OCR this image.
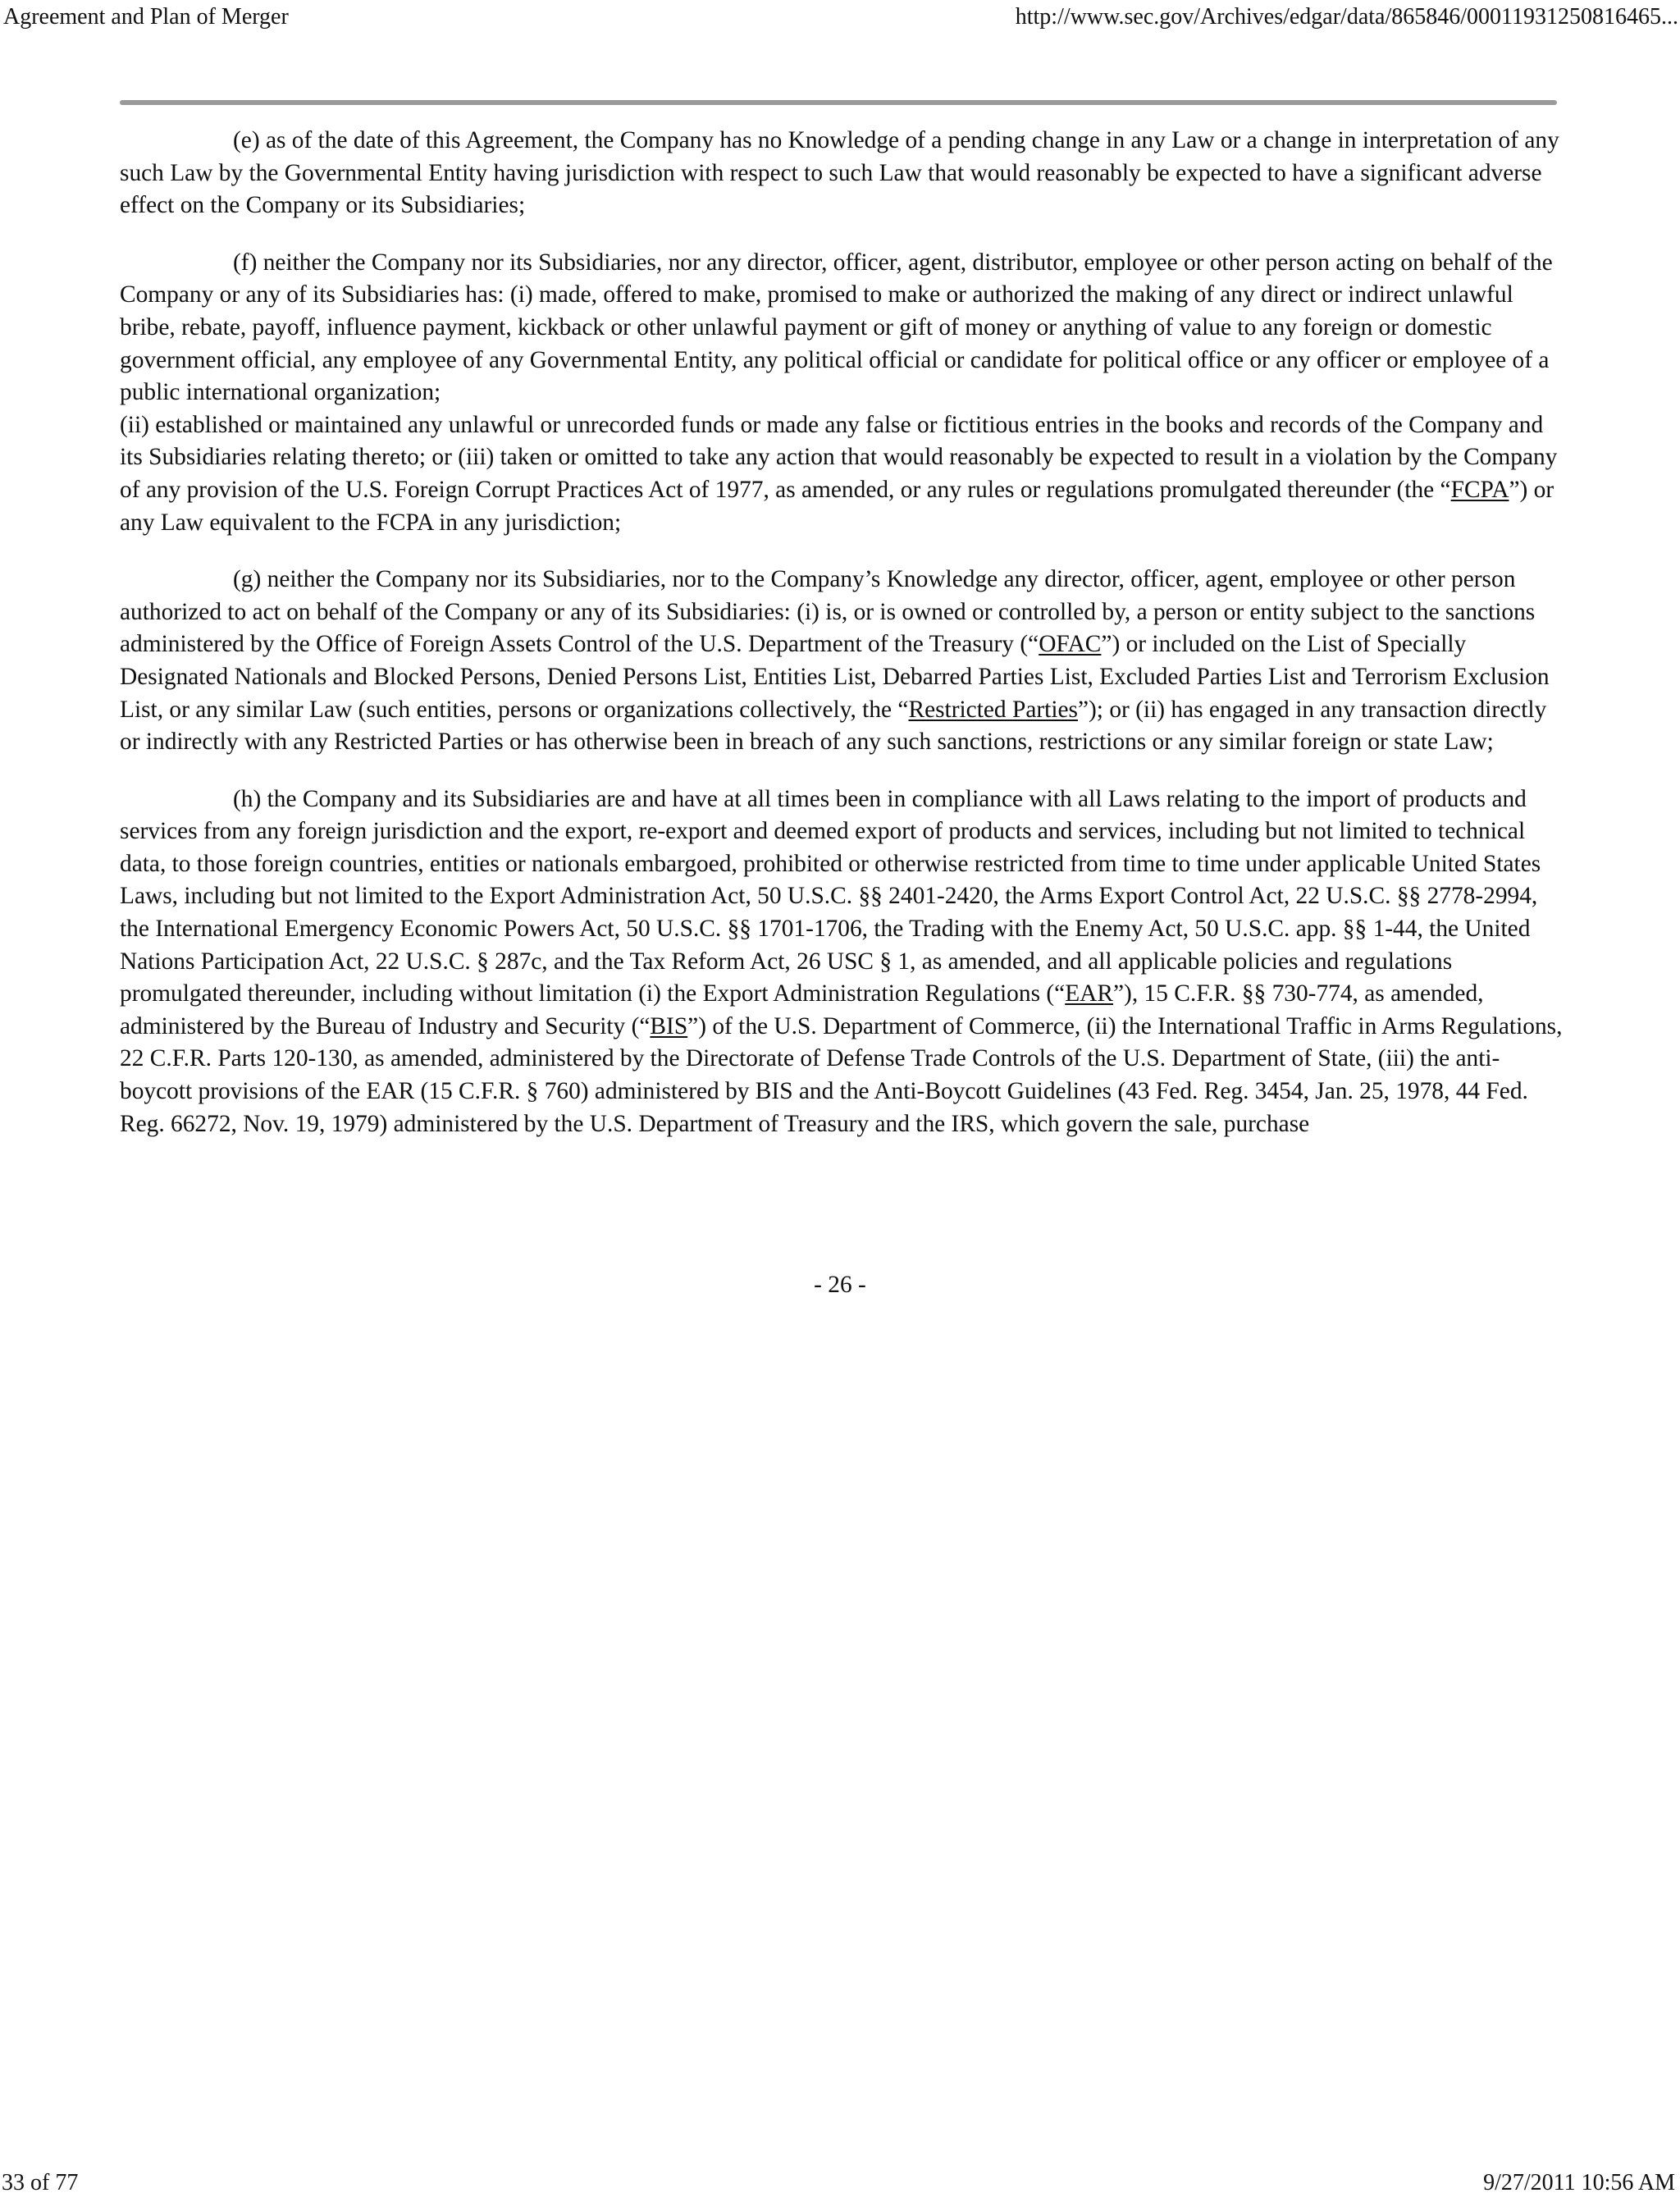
Agreement and Plan of Merger	http://www.sec.gov/Archives/edgar/data/865846/00011931250816465...

(e) as of the date of this Agreement, the Company has no Knowledge of a pending change in any Law or a change in interpretation of any such Law by the Governmental Entity having jurisdiction with respect to such Law that would reasonably be expected to have a significant adverse effect on the Company or its Subsidiaries;

(f) neither the Company nor its Subsidiaries, nor any director, officer, agent, distributor, employee or other person acting on behalf of the Company or any of its Subsidiaries has: (i) made, offered to make, promised to make or authorized the making of any direct or indirect unlawful bribe, rebate, payoff, influence payment, kickback or other unlawful payment or gift of money or anything of value to any foreign or domestic government official, any employee of any Governmental Entity, any political official or candidate for political office or any officer or employee of a public international organization;
(ii) established or maintained any unlawful or unrecorded funds or made any false or fictitious entries in the books and records of the Company and its Subsidiaries relating thereto; or (iii) taken or omitted to take any action that would reasonably be expected to result in a violation by the Company of any provision of the U.S. Foreign Corrupt Practices Act of 1977, as amended, or any rules or regulations promulgated thereunder (the “FCPA”) or any Law equivalent to the FCPA in any jurisdiction;

(g) neither the Company nor its Subsidiaries, nor to the Company’s Knowledge any director, officer, agent, employee or other person authorized to act on behalf of the Company or any of its Subsidiaries: (i) is, or is owned or controlled by, a person or entity subject to the sanctions administered by the Office of Foreign Assets Control of the U.S. Department of the Treasury (“OFAC”) or included on the List of Specially Designated Nationals and Blocked Persons, Denied Persons List, Entities List, Debarred Parties List, Excluded Parties List and Terrorism Exclusion List, or any similar Law (such entities, persons or organizations collectively, the “Restricted Parties”); or (ii) has engaged in any transaction directly or indirectly with any Restricted Parties or has otherwise been in breach of any such sanctions, restrictions or any similar foreign or state Law;

(h) the Company and its Subsidiaries are and have at all times been in compliance with all Laws relating to the import of products and services from any foreign jurisdiction and the export, re-export and deemed export of products and services, including but not limited to technical data, to those foreign countries, entities or nationals embargoed, prohibited or otherwise restricted from time to time under applicable United States Laws, including but not limited to the Export Administration Act, 50 U.S.C. §§ 2401-2420, the Arms Export Control Act, 22 U.S.C. §§ 2778-2994, the International Emergency Economic Powers Act, 50 U.S.C. §§ 1701-1706, the Trading with the Enemy Act, 50 U.S.C. app. §§ 1-44, the United Nations Participation Act, 22 U.S.C. § 287c, and the Tax Reform Act, 26 USC § 1, as amended, and all applicable policies and regulations promulgated thereunder, including without limitation (i) the Export Administration Regulations (“EAR”), 15 C.F.R. §§ 730-774, as amended, administered by the Bureau of Industry and Security (“BIS”) of the U.S. Department of Commerce, (ii) the International Traffic in Arms Regulations, 22 C.F.R. Parts 120-130, as amended, administered by the Directorate of Defense Trade Controls of the U.S. Department of State, (iii) the anti-boycott provisions of the EAR (15 C.F.R. § 760) administered by BIS and the Anti-Boycott Guidelines (43 Fed. Reg. 3454, Jan. 25, 1978, 44 Fed. Reg. 66272, Nov. 19, 1979) administered by the U.S. Department of Treasury and the IRS, which govern the sale, purchase

- 26 -
33 of 77	9/27/2011 10:56 AM
